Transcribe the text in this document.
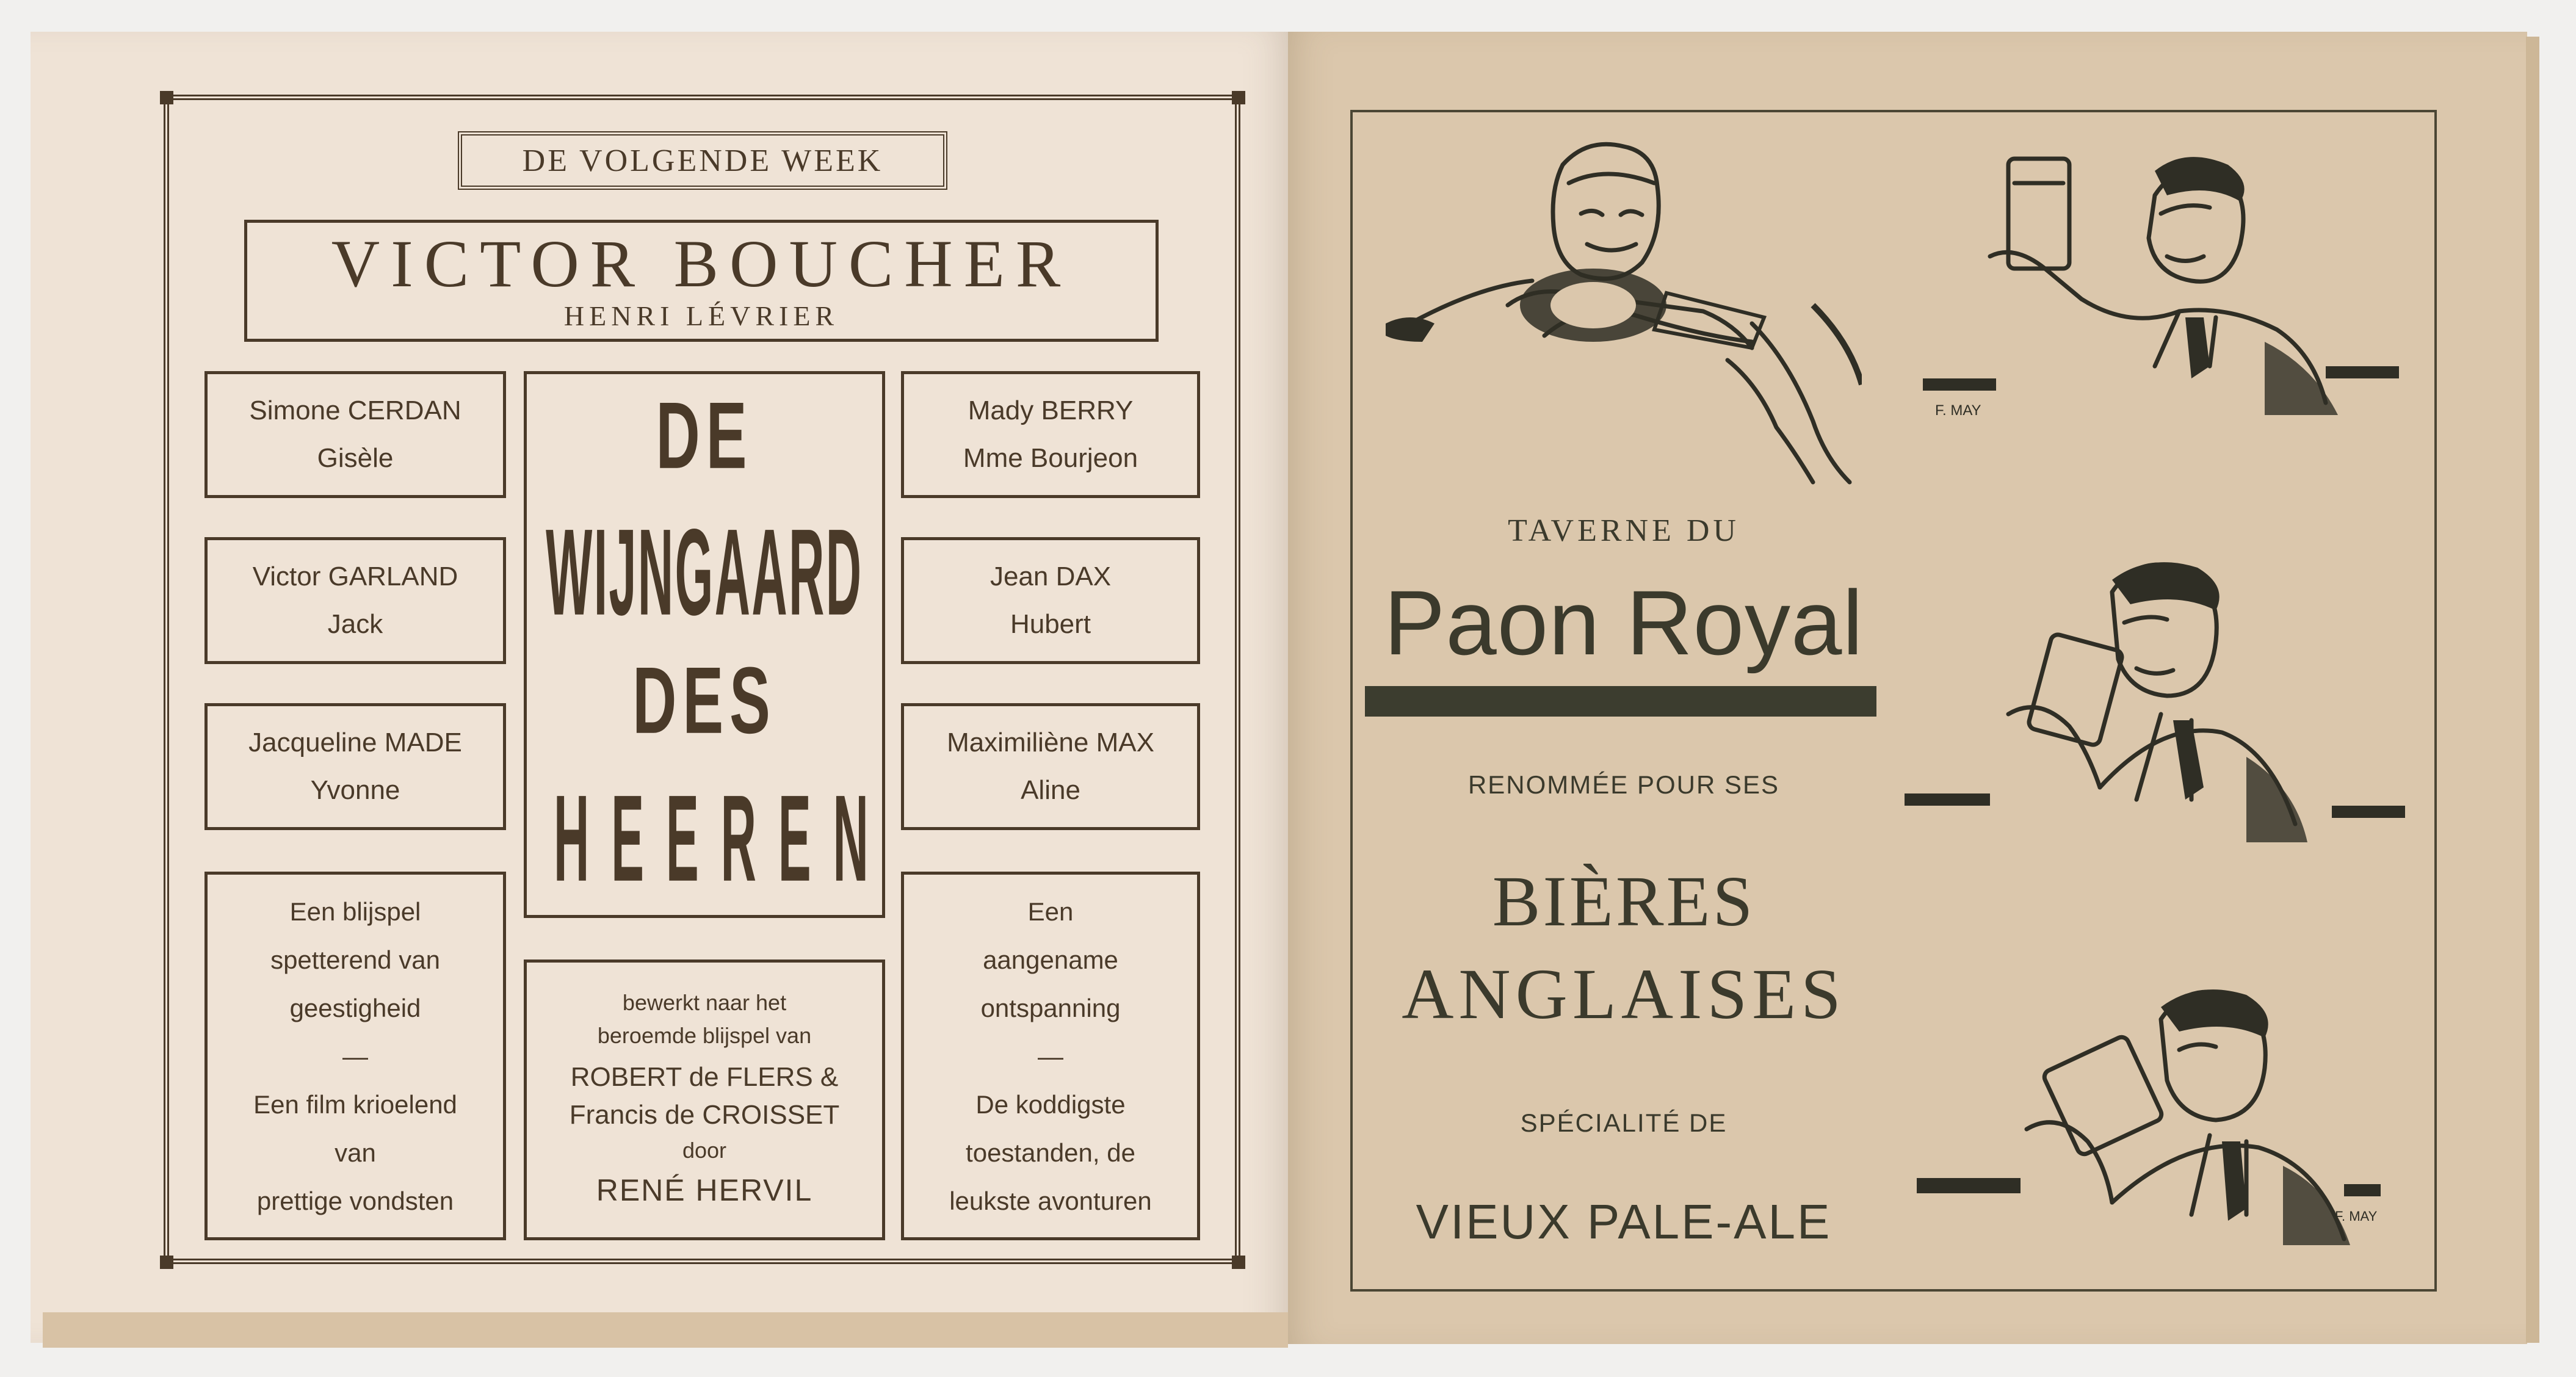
DE VOLGENDE WEEK
VICTOR BOUCHER
HENRI LÉVRIER
Simone CERDAN
Gisèle
Victor GARLAND
Jack
Jacqueline MADE
Yvonne
Mady BERRY
Mme Bourjeon
Jean DAX
Hubert
Maximiliène MAX
Aline
DE
WIJNGAARD
DES
HEEREN
Een blijspel
spetterend van
geestigheid
—
Een film krioelend
van
prettige vondsten
Een
aangename
ontspanning
—
De koddigste
toestanden, de
leukste avonturen
bewerkt naar het
beroemde blijspel van
ROBERT de FLERS &
Francis de CROISSET
door
RENÉ HERVIL
TAVERNE DU
Paon Royal
RENOMMÉE POUR SES
BIÈRES
ANGLAISES
SPÉCIALITÉ DE
VIEUX PALE-ALE
F. MAY
F. MAY
